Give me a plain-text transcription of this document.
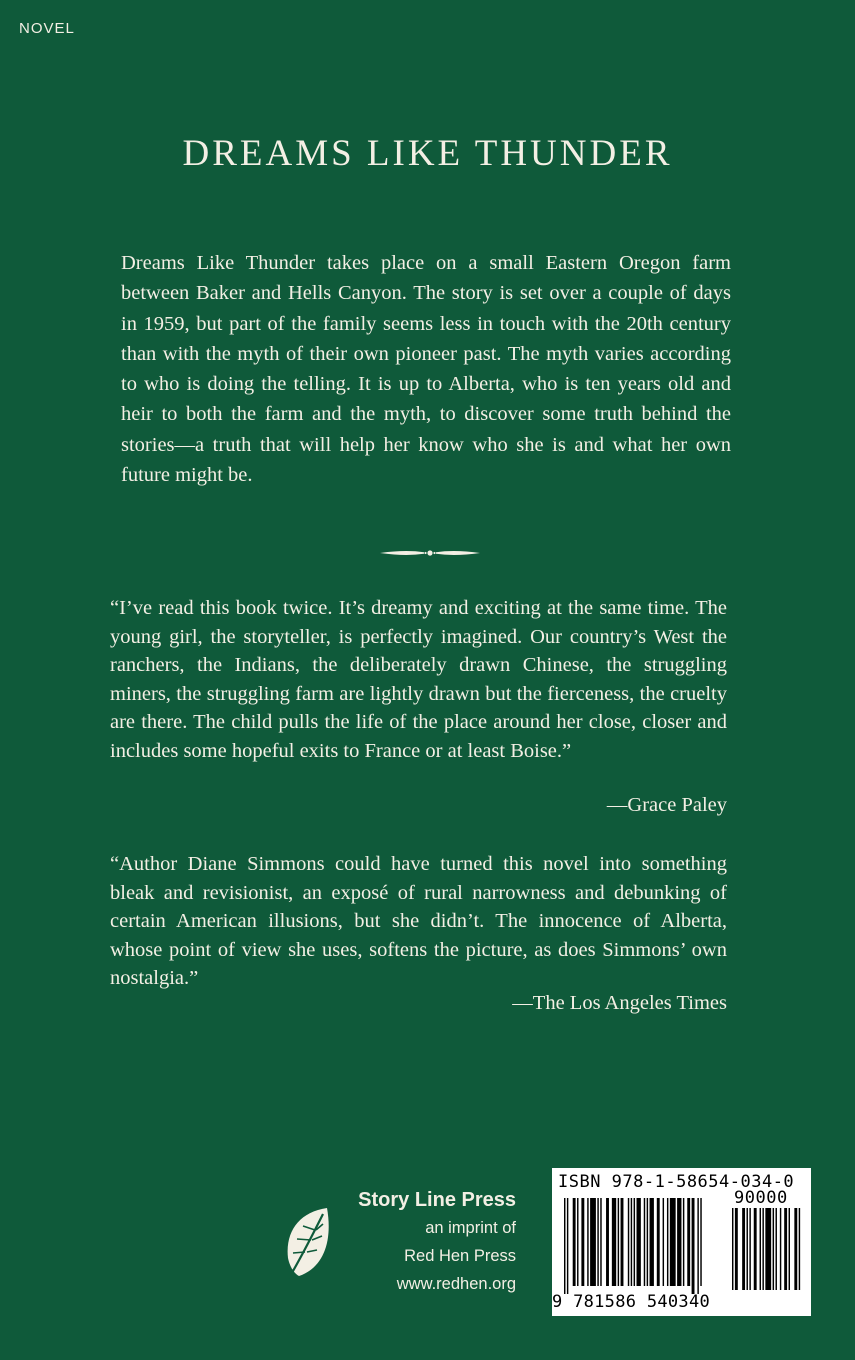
NOVEL
DREAMS LIKE THUNDER

Dreams Like Thunder takes place on a small Eastern Oregon farm between Baker and Hells Canyon. The story is set over a couple of days in 1959, but part of the family seems less in touch with the 20th century than with the myth of their own pioneer past. The myth varies according to who is doing the telling. It is up to Alberta, who is ten years old and heir to both the farm and the myth, to discover some truth behind the stories—a truth that will help her know who she is and what her own future might be.

“I’ve read this book twice. It’s dreamy and exciting at the same time. The young girl, the storyteller, is perfectly imagined. Our country’s West the ranchers, the Indians, the deliberately drawn Chinese, the struggling miners, the struggling farm are lightly drawn but the fierceness, the cruelty are there. The child pulls the life of the place around her close, closer and includes some hopeful exits to France or at least Boise.”

—Grace Paley

“Author Diane Simmons could have turned this novel into something bleak and revisionist, an exposé of rural narrowness and debunking of certain American illusions, but she didn’t. The innocence of Alberta, whose point of view she uses, softens the picture, as does Simmons’ own nostalgia.”

—The Los Angeles Times

Story Line Press

an imprint of

Red Hen Press

www.redhen.org

ISBN 978-1-58654-034-0
90000
9 781586 540340
